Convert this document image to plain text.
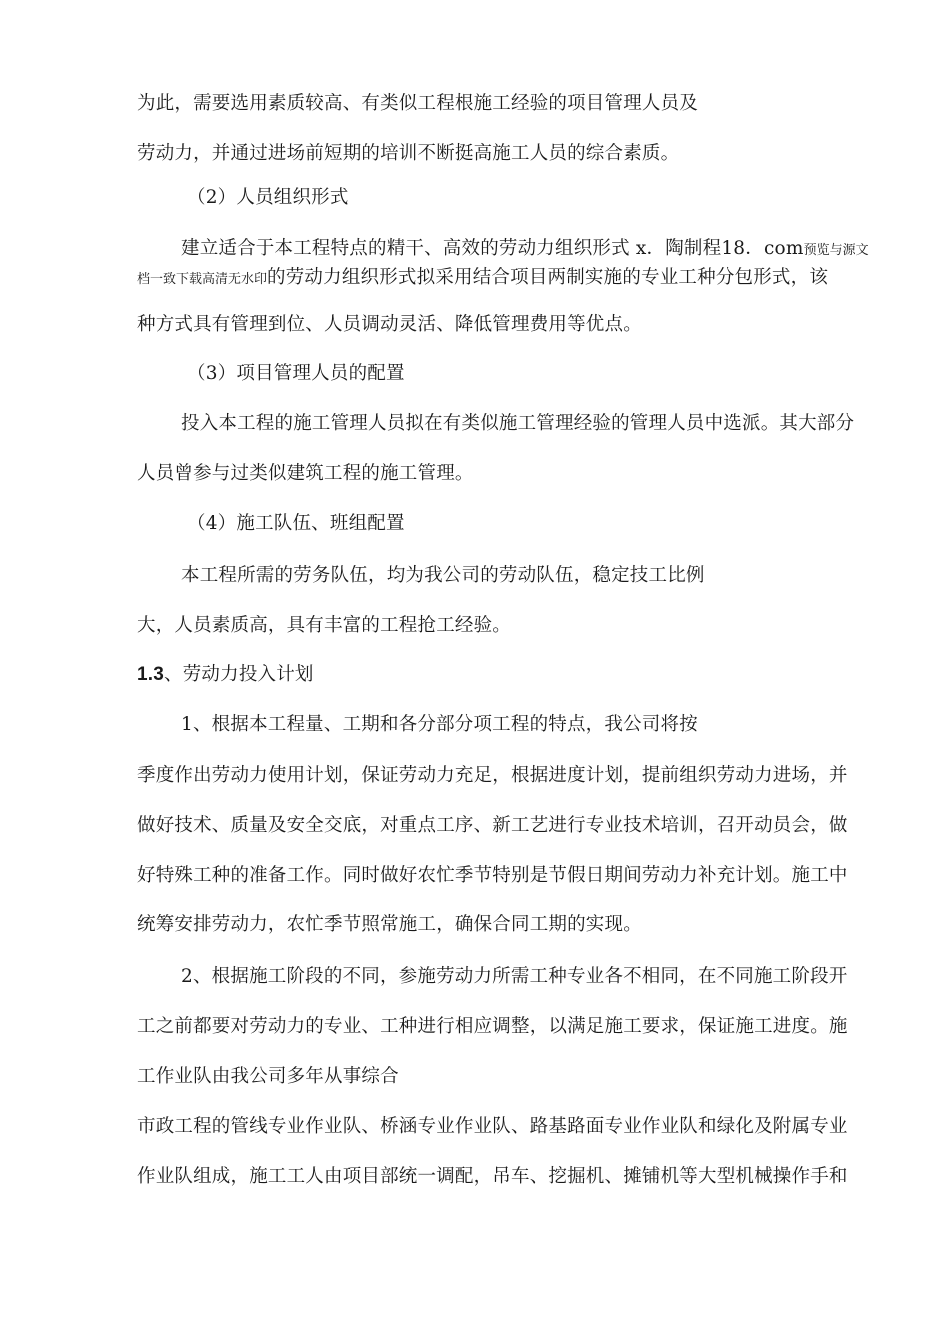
为此，需要选用素质较高、有类似工程根施工经验的项目管理人员及
劳动力，并通过进场前短期的培训不断挺高施工人员的综合素质。
（2）人员组织形式
建立适合于本工程特点的精干、高效的劳动力组织形式 x．陶制程18．com预览与源文
档一致下载高清无水印的劳动力组织形式拟采用结合项目两制实施的专业工种分包形式，该
种方式具有管理到位、人员调动灵活、降低管理费用等优点。
（3）项目管理人员的配置
投入本工程的施工管理人员拟在有类似施工管理经验的管理人员中选派。其大部分
人员曾参与过类似建筑工程的施工管理。
（4）施工队伍、班组配置
本工程所需的劳务队伍，均为我公司的劳动队伍，稳定技工比例
大，人员素质高，具有丰富的工程抢工经验。
1.3、劳动力投入计划
1、根据本工程量、工期和各分部分项工程的特点，我公司将按
季度作出劳动力使用计划，保证劳动力充足，根据进度计划，提前组织劳动力进场，并
做好技术、质量及安全交底，对重点工序、新工艺进行专业技术培训，召开动员会，做
好特殊工种的准备工作。同时做好农忙季节特别是节假日期间劳动力补充计划。施工中
统筹安排劳动力，农忙季节照常施工，确保合同工期的实现。
2、根据施工阶段的不同，参施劳动力所需工种专业各不相同，在不同施工阶段开
工之前都要对劳动力的专业、工种进行相应调整，以满足施工要求，保证施工进度。施
工作业队由我公司多年从事综合
市政工程的管线专业作业队、桥涵专业作业队、路基路面专业作业队和绿化及附属专业
作业队组成，施工工人由项目部统一调配，吊车、挖掘机、摊铺机等大型机械操作手和
